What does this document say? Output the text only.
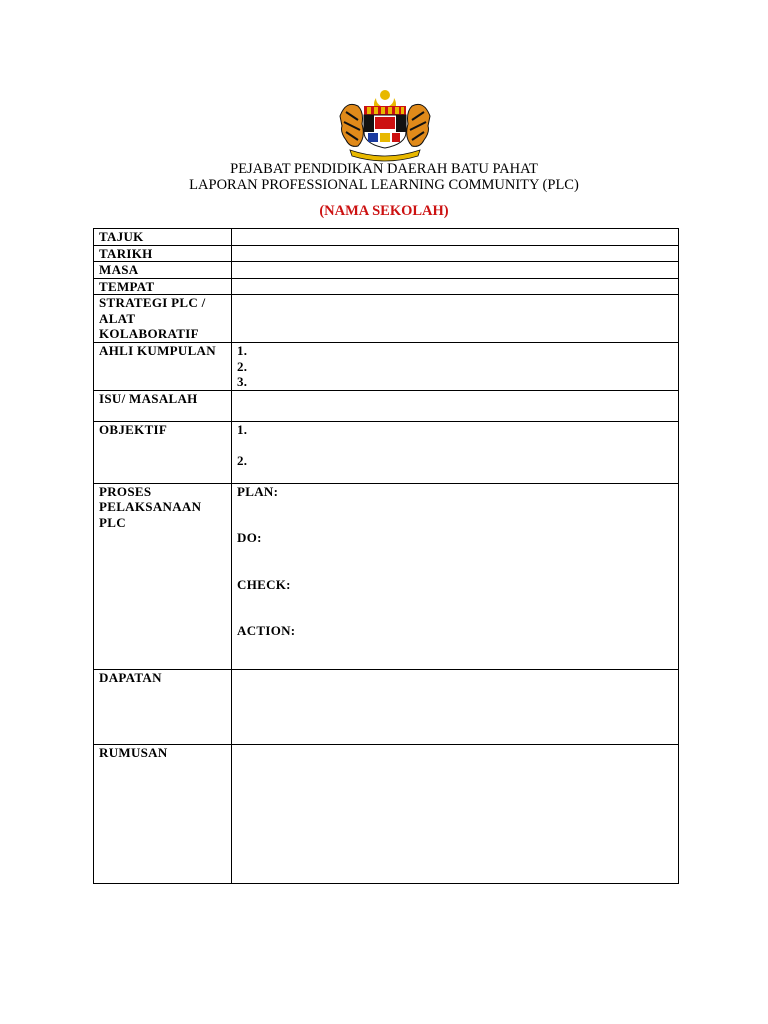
PEJABAT PENDIDIKAN DAERAH BATU PAHAT
LAPORAN PROFESSIONAL LEARNING COMMUNITY (PLC)
(NAMA SEKOLAH)
TAJUK	
TARIKH	
MASA	
TEMPAT	

STRATEGI PLC /
ALAT
KOLABORATIF	

AHLI KUMPULAN	1.
2.
3.

ISU/ MASALAH	
OBJEKTIF	1.
2.

PROSES
PELAKSANAAN
PLC	PLAN:
DO:
CHECK:
ACTION:

DAPATAN	
RUMUSAN	
